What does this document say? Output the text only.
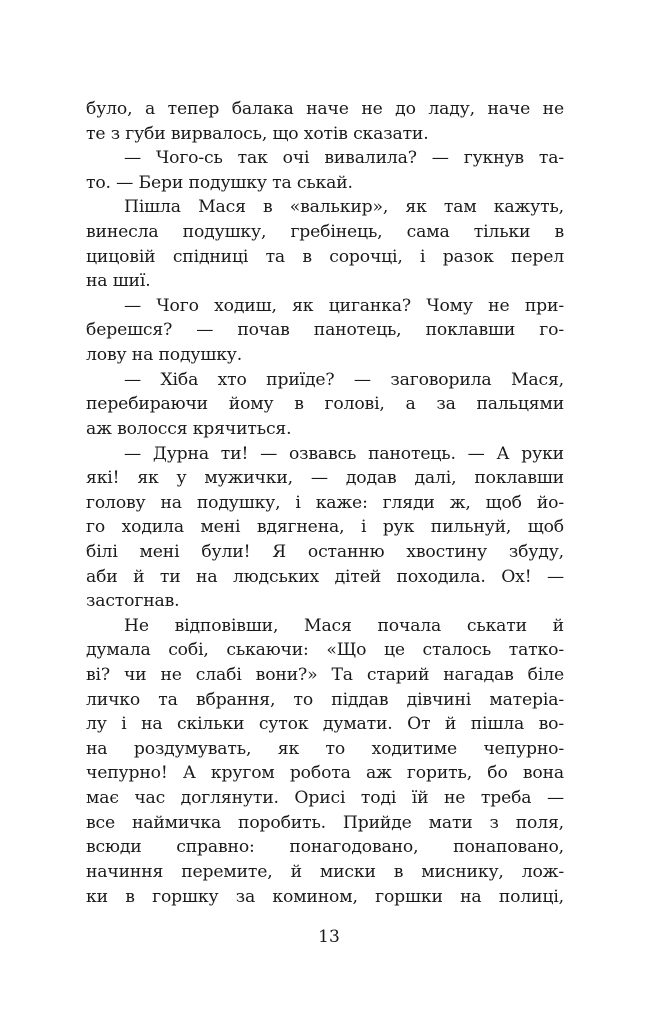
було, а тепер балака наче не до ладу, наче не
те з губи вирвалось, що хотів сказати.
— Чого-сь так очі вивалила? — гукнув та-
то. — Бери подушку та ськай.
Пішла Мася в «валькир», як там кажуть,
винесла подушку, гребінець, сама тільки в
цицовій спідниці та в сорочці, і разок перел
на шиї.
— Чого ходиш, як циганка? Чому не при-
берешся? — почав панотець, поклавши го-
лову на подушку.
— Хіба хто приїде? — заговорила Мася,
перебираючи йому в голові, а за пальцями
аж волосся крячиться.
— Дурна ти! — озвавсь панотець. — А руки
які! як у мужички, — додав далі, поклавши
голову на подушку, і каже: гляди ж, щоб йо-
го ходила мені вдягнена, і рук пильнуй, щоб
білі мені були! Я останню хвостину збуду,
аби й ти на людських дітей походила. Ох! —
застогнав.
Не відповівши, Мася почала ськати й
думала собі, ськаючи: «Що це сталось татко-
ві? чи не слабі вони?» Та старий нагадав біле
личко та вбрання, то піддав дівчині матеріа-
лу і на скільки суток думати. От й пішла во-
на роздумувать, як то ходитиме чепурно-
чепурно! А кругом робота аж горить, бо вона
має час доглянути. Орисі тоді їй не треба —
все наймичка поробить. Прийде мати з поля,
всюди справно: понагодовано, понаповано,
начиння перемите, й миски в миснику, лож-
ки в горшку за комином, горшки на полиці,
13
